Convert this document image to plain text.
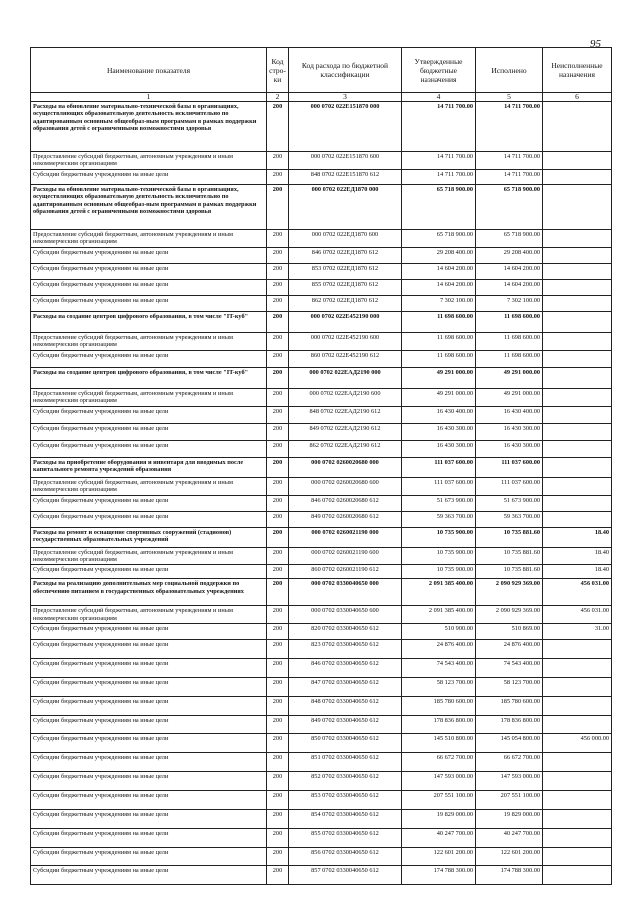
95
Наименование показателя	Код стро-ки	Код расхода по бюджетной классификации	Утвержденные бюджетные назначения	Исполнено	Неисполненные назначения
1	2	3	4	5	6
Расходы на обновление материально-технической базы в организациях, осуществляющих образовательную деятельность исключительно по адаптированным основным общеобраз-ным программам в рамках поддержки образования детей с ограниченными возможностями здоровья	200	000 0702 022Е151870 000	14 711 700.00	14 711 700.00	
Предоставление субсидий бюджетным, автономным учреждениям и иным некоммерческим организациям	200	000 0702 022Е151870 600	14 711 700.00	14 711 700.00	
Субсидии бюджетным учреждениям на иные цели	200	848 0702 022Е151870 612	14 711 700.00	14 711 700.00	
Расходы на обновление материально-технической базы в организациях, осуществляющих образовательную деятельность исключительно по адаптированным основным общеобраз-ным программам в рамках поддержки образования детей с ограниченными возможностями здоровья	200	000 0702 022ЕД1870 000	65 718 900.00	65 718 900.00	
Предоставление субсидий бюджетным, автономным учреждениям и иным некоммерческим организациям	200	000 0702 022ЕД1870 600	65 718 900.00	65 718 900.00	
Субсидии бюджетным учреждениям на иные цели	200	846 0702 022ЕД1870 612	29 208 400.00	29 208 400.00	
Субсидии бюджетным учреждениям на иные цели	200	853 0702 022ЕД1870 612	14 604 200.00	14 604 200.00	
Субсидии бюджетным учреждениям на иные цели	200	855 0702 022ЕД1870 612	14 604 200.00	14 604 200.00	
Субсидии бюджетным учреждениям на иные цели	200	862 0702 022ЕД1870 612	7 302 100.00	7 302 100.00	
Расходы на создание центров цифрового образования, в том числе "IT-куб"	200	000 0702 022Е452190 000	11 698 600.00	11 698 600.00	
Предоставление субсидий бюджетным, автономным учреждениям и иным некоммерческим организациям	200	000 0702 022Е452190 600	11 698 600.00	11 698 600.00	
Субсидии бюджетным учреждениям на иные цели	200	860 0702 022Е452190 612	11 698 600.00	11 698 600.00	
Расходы на создание центров цифрового образования, в том числе "IT-куб"	200	000 0702 022ЕАД2190 000	49 291 000.00	49 291 000.00	
Предоставление субсидий бюджетным, автономным учреждениям и иным некоммерческим организациям	200	000 0702 022ЕАД2190 600	49 291 000.00	49 291 000.00	
Субсидии бюджетным учреждениям на иные цели	200	848 0702 022ЕАД2190 612	16 430 400.00	16 430 400.00	
Субсидии бюджетным учреждениям на иные цели	200	849 0702 022ЕАД2190 612	16 430 300.00	16 430 300.00	
Субсидии бюджетным учреждениям на иные цели	200	862 0702 022ЕАД2190 612	16 430 300.00	16 430 300.00	
Расходы на приобретение оборудования и инвентаря для вводимых после капитального ремонта учреждений образования	200	000 0702 0260020680 000	111 037 600.00	111 037 600.00	
Предоставление субсидий бюджетным, автономным учреждениям и иным некоммерческим организациям	200	000 0702 0260020680 600	111 037 600.00	111 037 600.00	
Субсидии бюджетным учреждениям на иные цели	200	846 0702 0260020680 612	51 673 900.00	51 673 900.00	
Субсидии бюджетным учреждениям на иные цели	200	849 0702 0260020680 612	59 363 700.00	59 363 700.00	
Расходы на ремонт и оснащение спортивных сооружений (стадионов) государственных образовательных учреждений	200	000 0702 0260021190 000	10 735 900.00	10 735 881.60	18.40
Предоставление субсидий бюджетным, автономным учреждениям и иным некоммерческим организациям	200	000 0702 0260021190 600	10 735 900.00	10 735 881.60	18.40
Субсидии бюджетным учреждениям на иные цели	200	860 0702 0260021190 612	10 735 900.00	10 735 881.60	18.40
Расходы на реализацию дополнительных мер социальной поддержки по обеспечению питанием в государственных образовательных учреждениях	200	000 0702 0330040650 000	2 091 385 400.00	2 090 929 369.00	456 031.00
Предоставление субсидий бюджетным, автономным учреждениям и иным некоммерческим организациям	200	000 0702 0330040650 600	2 091 385 400.00	2 090 929 369.00	456 031.00
Субсидии бюджетным учреждениям на иные цели	200	820 0702 0330040650 612	510 900.00	510 869.00	31.00
Субсидии бюджетным учреждениям на иные цели	200	823 0702 0330040650 612	24 876 400.00	24 876 400.00	
Субсидии бюджетным учреждениям на иные цели	200	846 0702 0330040650 612	74 543 400.00	74 543 400.00	
Субсидии бюджетным учреждениям на иные цели	200	847 0702 0330040650 612	58 123 700.00	58 123 700.00	
Субсидии бюджетным учреждениям на иные цели	200	848 0702 0330040650 612	185 780 600.00	185 780 600.00	
Субсидии бюджетным учреждениям на иные цели	200	849 0702 0330040650 612	178 836 800.00	178 836 800.00	
Субсидии бюджетным учреждениям на иные цели	200	850 0702 0330040650 612	145 510 800.00	145 054 800.00	456 000.00
Субсидии бюджетным учреждениям на иные цели	200	851 0702 0330040650 612	66 672 700.00	66 672 700.00	
Субсидии бюджетным учреждениям на иные цели	200	852 0702 0330040650 612	147 593 000.00	147 593 000.00	
Субсидии бюджетным учреждениям на иные цели	200	853 0702 0330040650 612	207 551 100.00	207 551 100.00	
Субсидии бюджетным учреждениям на иные цели	200	854 0702 0330040650 612	19 829 000.00	19 829 000.00	
Субсидии бюджетным учреждениям на иные цели	200	855 0702 0330040650 612	40 247 700.00	40 247 700.00	
Субсидии бюджетным учреждениям на иные цели	200	856 0702 0330040650 612	122 601 200.00	122 601 200.00	
Субсидии бюджетным учреждениям на иные цели	200	857 0702 0330040650 612	174 788 300.00	174 788 300.00	
